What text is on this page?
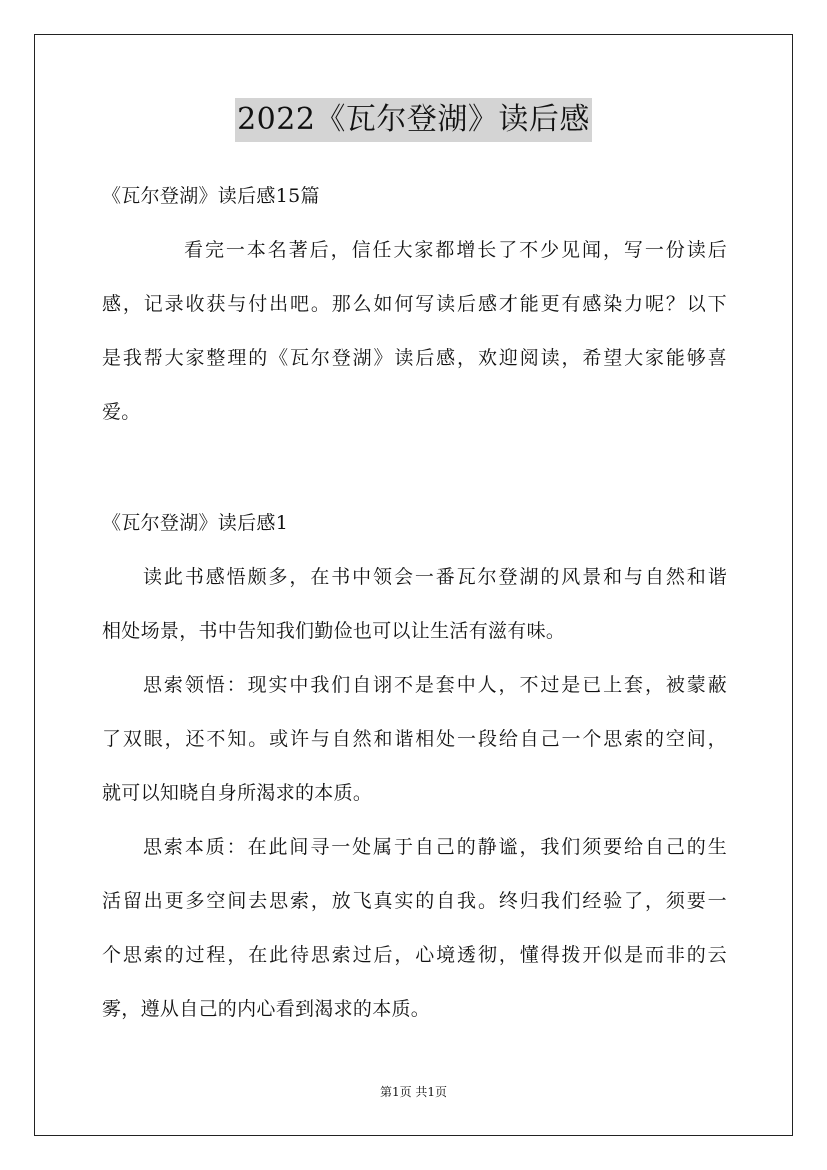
2022《瓦尔登湖》读后感
《瓦尔登湖》读后感15篇
看完一本名著后，信任大家都增长了不少见闻，写一份读后
感，记录收获与付出吧。那么如何写读后感才能更有感染力呢？以下
是我帮大家整理的《瓦尔登湖》读后感，欢迎阅读，希望大家能够喜
爱。
《瓦尔登湖》读后感1
读此书感悟颇多，在书中领会一番瓦尔登湖的风景和与自然和谐
相处场景，书中告知我们勤俭也可以让生活有滋有味。
思索领悟：现实中我们自诩不是套中人，不过是已上套，被蒙蔽
了双眼，还不知。或许与自然和谐相处一段给自己一个思索的空间，
就可以知晓自身所渴求的本质。
思索本质：在此间寻一处属于自己的静谧，我们须要给自己的生
活留出更多空间去思索，放飞真实的自我。终归我们经验了，须要一
个思索的过程，在此待思索过后，心境透彻，懂得拨开似是而非的云
雾，遵从自己的内心看到渴求的本质。
第1页 共1页
